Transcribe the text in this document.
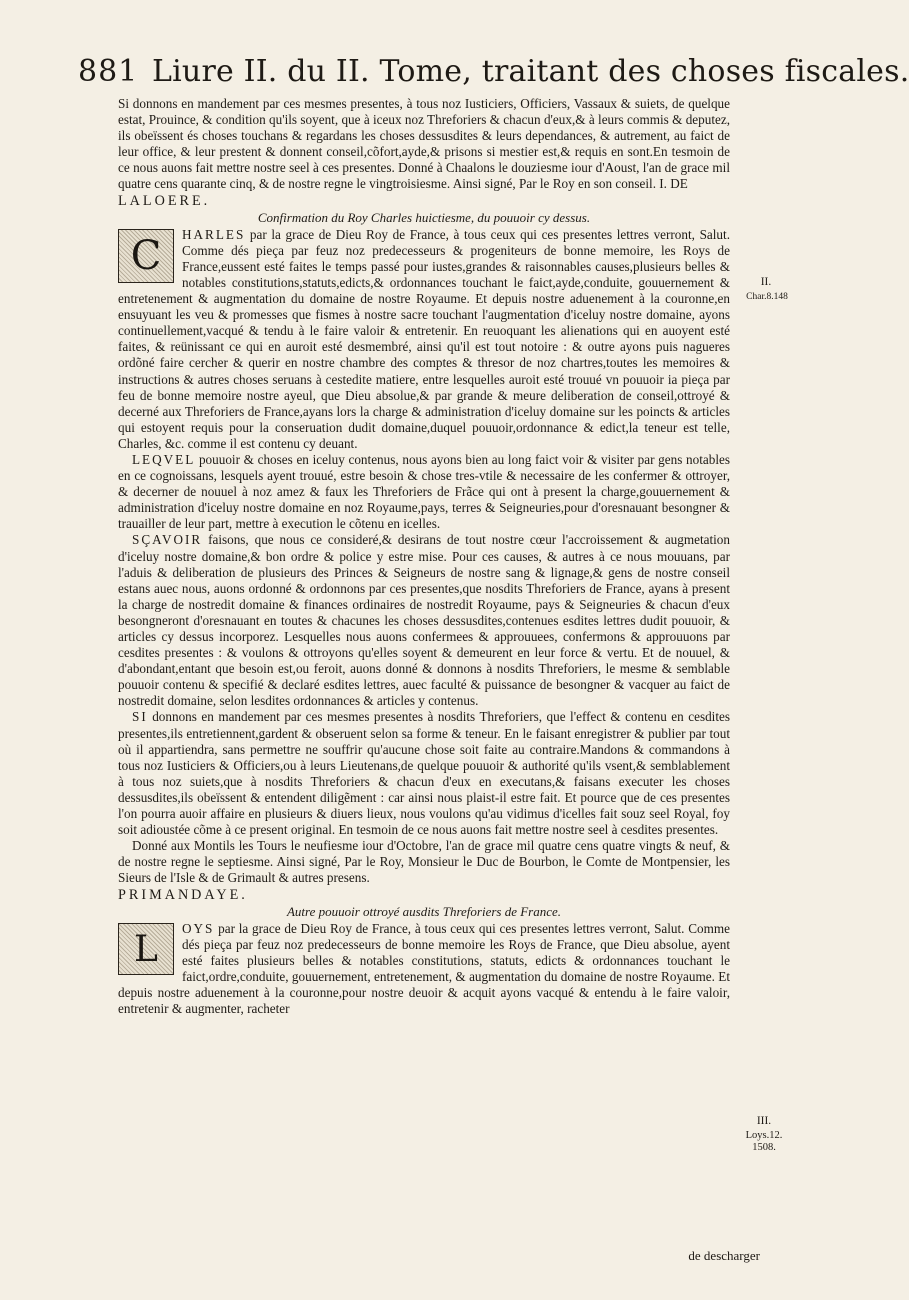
881 Liure II. du II. Tome, traitant des choses fiscales.

Si donnons en mandement par ces mesmes presentes, à tous noz Iusticiers, Officiers, Vassaux & suiets, de quelque estat, Prouince, & condition qu'ils soyent, que à iceux noz Threforiers & chacun d'eux,& à leurs commis & deputez, ils obeïssent és choses touchans & regardans les choses dessusdites & leurs dependances, & autrement, au faict de leur office, & leur prestent & donnent conseil,cõfort,ayde,& prisons si mestier est,& requis en sont.En tesmoin de ce nous auons fait mettre nostre seel à ces presentes. Donné à Chaalons le douziesme iour d'Aoust, l'an de grace mil quatre cens quarante cinq, & de nostre regne le vingtroisiesme. Ainsi signé, Par le Roy en son conseil. I. DE

LALOERE.

Confirmation du Roy Charles huictiesme, du pouuoir cy dessus.

C	HARLES par la grace de Dieu Roy de France, à tous ceux qui ces presentes lettres verront, Salut. Comme dés pieça par feuz noz predecesseurs & progeniteurs de bonne memoire, les Roys de France,eussent esté faites le temps passé pour iustes,grandes & raisonnables causes,plusieurs belles & notables constitutions,statuts,edicts,& ordonnances touchant le faict,ayde,conduite, gouuernement & entretenement & augmentation du domaine de nostre Royaume. Et depuis nostre aduenement à la couronne,en ensuyuant les veu & promesses que fismes à nostre sacre touchant l'augmentation d'iceluy nostre domaine, ayons continuellement,vacqué & tendu à le faire valoir & entretenir. En reuoquant les alienations qui en auoyent esté faites, & reünissant ce qui en auroit esté desmembré, ainsi qu'il est tout notoire : & outre ayons puis nagueres ordõné faire cercher & querir en nostre chambre des comptes & thresor de noz chartres,toutes les memoires & instructions & autres choses seruans à cestedite matiere, entre lesquelles auroit esté trouué vn pouuoir ia pieça par feu de bonne memoire nostre ayeul, que Dieu absolue,& par grande & meure deliberation de conseil,ottroyé & decerné aux Threforiers de France,ayans lors la charge & administration d'iceluy domaine sur les poincts & articles qui estoyent requis pour la conseruation dudit domaine,duquel pouuoir,ordonnance & edict,la teneur est telle, Charles, &c. comme il est contenu cy deuant.

LEQVEL pouuoir & choses en iceluy contenus, nous ayons bien au long faict voir & visiter par gens notables en ce cognoissans, lesquels ayent trouué, estre besoin & chose tres-vtile & necessaire de les confermer & ottroyer, & decerner de nouuel à noz amez & faux les Threforiers de Frãce qui ont à present la charge,gouuernement & administration d'iceluy nostre domaine en noz Royaume,pays, terres & Seigneuries,pour d'oresnauant besongner & trauailler de leur part, mettre à execution le cõtenu en icelles.

SÇAVOIR faisons, que nous ce consideré,& desirans de tout nostre cœur l'accroissement & augmetation d'iceluy nostre domaine,& bon ordre & police y estre mise. Pour ces causes, & autres à ce nous mouuans, par l'aduis & deliberation de plusieurs des Princes & Seigneurs de nostre sang & lignage,& gens de nostre conseil estans auec nous, auons ordonné & ordonnons par ces presentes,que nosdits Threforiers de France, ayans à present la charge de nostredit domaine & finances ordinaires de nostredit Royaume, pays & Seigneuries & chacun d'eux besongneront d'oresnauant en toutes & chacunes les choses dessusdites,contenues esdites lettres dudit pouuoir, & articles cy dessus incorporez. Lesquelles nous auons confermees & approuuees, confermons & approuuons par cesdites presentes : & voulons & ottroyons qu'elles soyent & demeurent en leur force & vertu. Et de nouuel, & d'abondant,entant que besoin est,ou feroit, auons donné & donnons à nosdits Threforiers, le mesme & semblable pouuoir contenu & specifié & declaré esdites lettres, auec faculté & puissance de besongner & vacquer au faict de nostredit domaine, selon lesdites ordonnances & articles y contenus.

SI donnons en mandement par ces mesmes presentes à nosdits Threforiers, que l'effect & contenu en cesdites presentes,ils entretiennent,gardent & obseruent selon sa forme & teneur. En le faisant enregistrer & publier par tout où il appartiendra, sans permettre ne souffrir qu'aucune chose soit faite au contraire.Mandons & commandons à tous noz Iusticiers & Officiers,ou à leurs Lieutenans,de quelque pouuoir & authorité qu'ils vsent,& semblablement à tous noz suiets,que à nosdits Threforiers & chacun d'eux en executans,& faisans executer les choses dessusdites,ils obeïssent & entendent diligẽment : car ainsi nous plaist-il estre fait. Et pource que de ces presentes l'on pourra auoir affaire en plusieurs & diuers lieux, nous voulons qu'au vidimus d'icelles fait souz seel Royal, foy soit adioustée cõme à ce present original. En tesmoin de ce nous auons fait mettre nostre seel à cesdites presentes.

Donné aux Montils les Tours le neufiesme iour d'Octobre, l'an de grace mil quatre cens quatre vingts & neuf, & de nostre regne le septiesme. Ainsi signé, Par le Roy, Monsieur le Duc de Bourbon, le Comte de Montpensier, les Sieurs de l'Isle & de Grimault & autres presens.

PRIMANDAYE.

Autre pouuoir ottroyé ausdits Threforiers de France.

L
OYS par la grace de Dieu Roy de France, à tous ceux qui ces presentes lettres verront, Salut. Comme dés pieça par feuz noz predecesseurs de bonne memoire les Roys de France, que Dieu absolue, ayent esté faites plusieurs belles & notables constitutions, statuts, edicts & ordonnances touchant le faict,ordre,conduite, gouuernement, entretenement, & augmentation du domaine de nostre Royaume. Et depuis nostre aduenement à la couronne,pour nostre deuoir & acquit ayons vacqué & entendu à le faire valoir, entretenir & augmenter, racheter

II.
Char.8.148
III.
Loys.12.
1508.
de descharger
